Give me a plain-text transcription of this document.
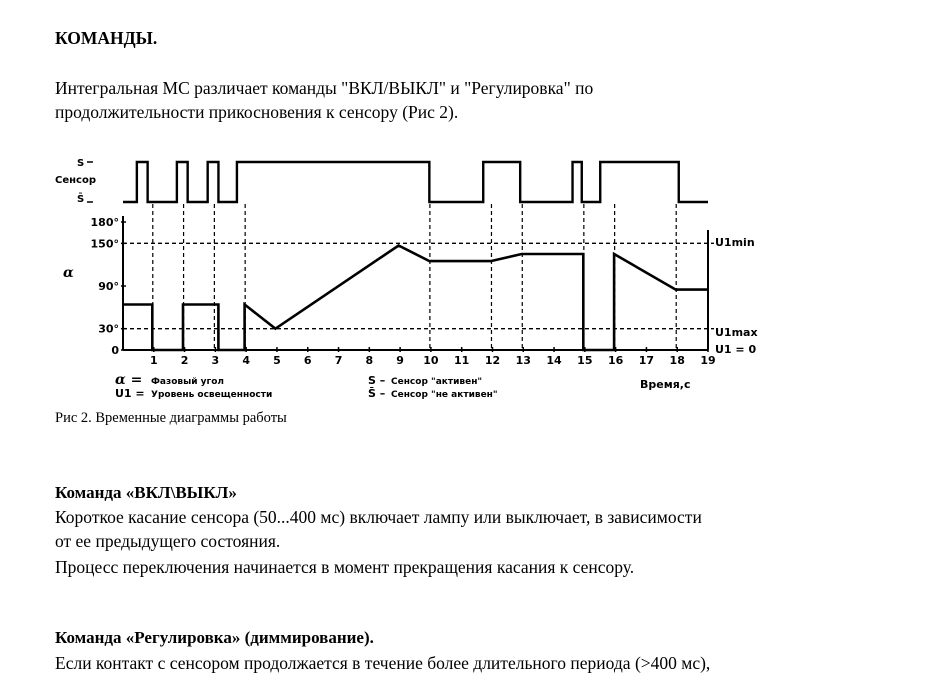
КОМАНДЫ.

Интегральная МС различает команды "ВКЛ/ВЫКЛ" и "Регулировка" по

продолжительности прикосновения к сенсору (Рис 2).

S
Сенсор
S̄
0
30°
90°
150°
180°
1 2 3 4 5 6 7 8 9 10 11 12 13 14 15 16 17 18 19
α
U1min
U1max
U1 = 0
Время,с
α = Фазовый угол
U1 = Уровень освещенности
S – Сенсор "активен"
S̄ – Сенсор "не активен"

Рис 2. Временные диаграммы работы

Команда «ВКЛ\ВЫКЛ»

Короткое касание сенсора (50...400 мс) включает лампу или выключает, в зависимости

от ее предыдущего состояния.

Процесс переключения начинается в момент прекращения касания к сенсору.

Команда «Регулировка» (диммирование).

Если контакт с сенсором продолжается в течение более длительного периода (>400 мс),
